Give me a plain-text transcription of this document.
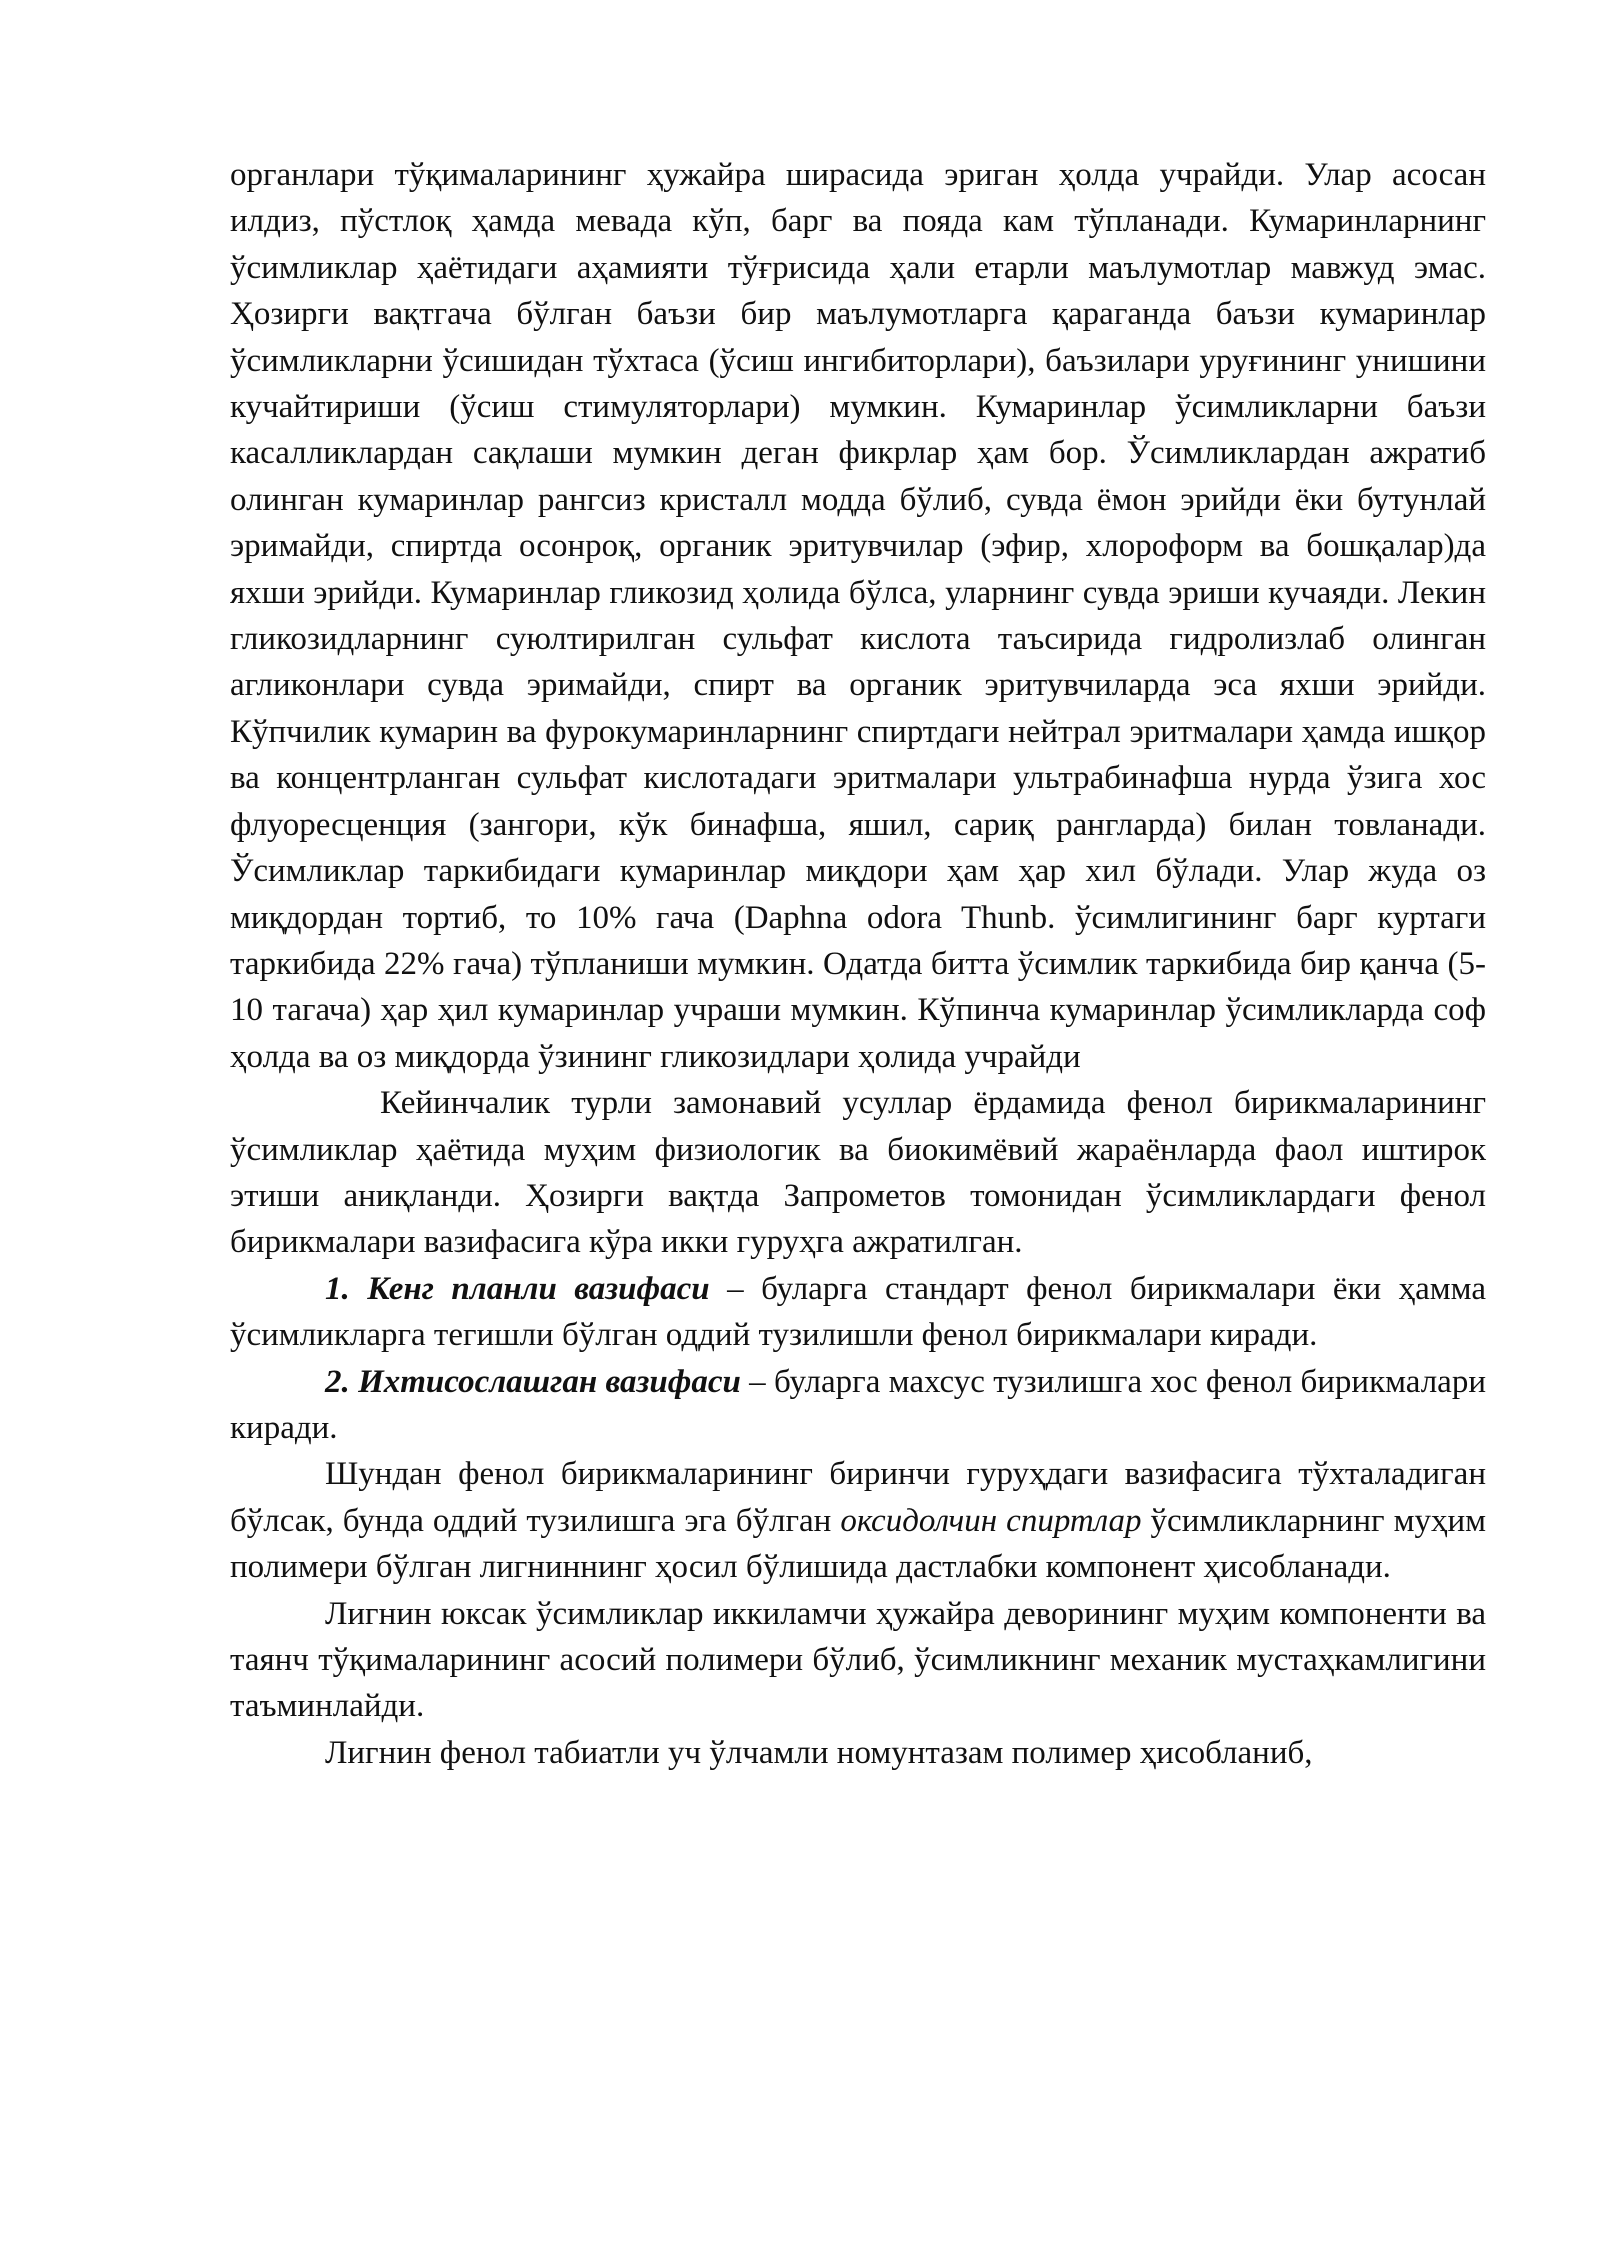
органлари тўқималарининг ҳужайра ширасида эриган ҳолда учрайди. Улар асосан илдиз, пўстлоқ ҳамда мевада кўп, барг ва пояда кам тўпланади. Кумаринларнинг ўсимликлар ҳаётидаги аҳамияти тўғрисида ҳали етарли маълумотлар мавжуд эмас. Ҳозирги вақтгача бўлган баъзи бир маълумотларга қараганда баъзи кумаринлар ўсимликларни ўсишидан тўхтаса (ўсиш ингибиторлари), баъзилари уруғининг унишини кучайтириши (ўсиш стимуляторлари) мумкин. Кумаринлар ўсимликларни баъзи касалликлардан сақлаши мумкин деган фикрлар ҳам бор. Ўсимликлардан ажратиб олинган кумаринлар рангсиз кристалл модда бўлиб, сувда ёмон эрийди ёки бутунлай эримайди, спиртда осонроқ, органик эритувчилар (эфир, хлороформ ва бошқалар)да яхши эрийди. Кумаринлар гликозид ҳолида бўлса, уларнинг сувда эриши кучаяди. Лекин гликозидларнинг суюлтирилган сульфат кислота таъсирида гидролизлаб олинган агликонлари сувда эримайди, спирт ва органик эритувчиларда эса яхши эрийди. Кўпчилик кумарин ва фурокумаринларнинг спиртдаги нейтрал эритмалари ҳамда ишқор ва концентрланган сульфат кислотадаги эритмалари ультрабинафша нурда ўзига хос флуоресценция (зангори, кўк бинафша, яшил, сариқ рангларда) билан товланади. Ўсимликлар таркибидаги кумаринлар миқдори ҳам ҳар хил бўлади. Улар жуда оз миқдордан тортиб, то 10% гача (Daphna odora Thunb. ўсимлигининг барг куртаги таркибида 22% гача) тўпланиши мумкин. Одатда битта ўсимлик таркибида бир қанча (5-10 тагача) ҳар ҳил кумаринлар учраши мумкин. Кўпинча кумаринлар ўсимликларда соф ҳолда ва оз миқдорда ўзининг гликозидлари ҳолида учрайди

Кейинчалик турли замонавий усуллар ёрдамида фенол бирикмаларининг ўсимликлар ҳаётида муҳим физиологик ва биокимёвий жараёнларда фаол иштирок этиши аниқланди. Ҳозирги вақтда Запрометов томонидан ўсимликлардаги фенол бирикмалари вазифасига кўра икки гуруҳга ажратилган.

1. Кенг планли вазифаси – буларга стандарт фенол бирикмалари ёки ҳамма ўсимликларга тегишли бўлган оддий тузилишли фенол бирикмалари киради.

2. Ихтисослашган вазифаси – буларга махсус тузилишга хос фенол бирикмалари киради.

Шундан фенол бирикмаларининг биринчи гуруҳдаги вазифасига тўхталадиган бўлсак, бунда оддий тузилишга эга бўлган оксидолчин спиртлар ўсимликларнинг муҳим полимери бўлган лигниннинг ҳосил бўлишида дастлабки компонент ҳисобланади.

Лигнин юксак ўсимликлар иккиламчи ҳужайра деворининг муҳим компоненти ва таянч тўқималарининг асосий полимери бўлиб, ўсимликнинг механик мустаҳкамлигини таъминлайди.

Лигнин фенол табиатли уч ўлчамли номунтазам полимер ҳисобланиб,
